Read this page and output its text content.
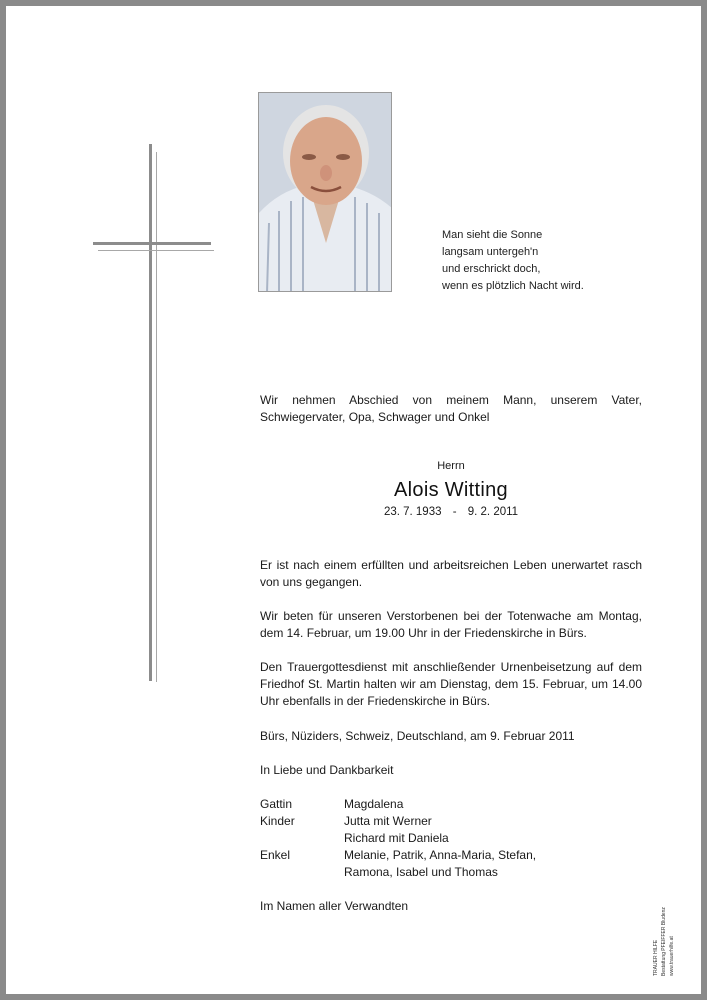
Man sieht die Sonne
langsam untergeh'n
und erschrickt doch,
wenn es plötzlich Nacht wird.
Wir nehmen Abschied von meinem Mann, unserem Vater, Schwiegervater, Opa, Schwager und Onkel
Herrn
Alois Witting
23. 7. 1933 - 9. 2. 2011
Er ist nach einem erfüllten und arbeitsreichen Leben unerwartet rasch von uns gegangen.
Wir beten für unseren Verstorbenen bei der Totenwache am Montag, dem 14. Februar, um 19.00 Uhr in der Friedenskirche in Bürs.
Den Trauergottesdienst mit anschließender Urnenbeisetzung auf dem Friedhof St. Martin halten wir am Dienstag, dem 15. Februar, um 14.00 Uhr ebenfalls in der Friedenskirche in Bürs.
Bürs, Nüziders, Schweiz, Deutschland, am 9. Februar 2011
In Liebe und Dankbarkeit
Gattin	Magdalena
Kinder	Jutta mit Werner
Richard mit Daniela
Enkel	Melanie, Patrik, Anna-Maria, Stefan,
Ramona, Isabel und Thomas
Im Namen aller Verwandten
TRAUER HILFE Bestattung PFEIFFER Bludenz www.trauerhilfe.at
